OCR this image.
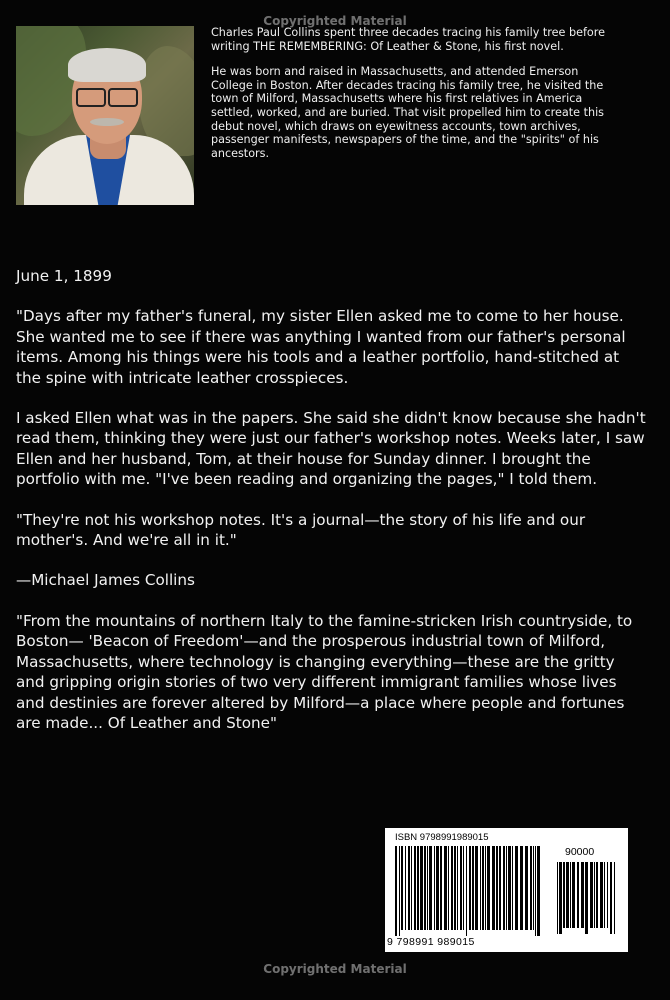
Copyrighted Material

Charles Paul Collins spent three decades tracing his family tree before writing THE REMEMBERING: Of Leather & Stone, his first novel.

He was born and raised in Massachusetts, and attended Emerson College in Boston. After decades tracing his family tree, he visited the town of Milford, Massachusetts where his first relatives in America settled, worked, and are buried. That visit propelled him to create this debut novel, which draws on eyewitness accounts, town archives, passenger manifests, newspapers of the time, and the "spirits" of his ancestors.

June 1, 1899

"Days after my father's funeral, my sister Ellen asked me to come to her house. She wanted me to see if there was anything I wanted from our father's personal items. Among his things were his tools and a leather portfolio, hand-stitched at the spine with intricate leather crosspieces.

I asked Ellen what was in the papers. She said she didn't know because she hadn't read them, thinking they were just our father's workshop notes. Weeks later, I saw Ellen and her husband, Tom, at their house for Sunday dinner. I brought the portfolio with me. "I've been reading and organizing the pages," I told them.

"They're not his workshop notes. It's a journal—the story of his life and our mother's. And we're all in it."

—Michael James Collins

"From the mountains of northern Italy to the famine-stricken Irish countryside, to Boston— 'Beacon of Freedom'—and the prosperous industrial town of Milford, Massachusetts, where technology is changing everything—these are the gritty and gripping origin stories of two very different immigrant families whose lives and destinies are forever altered by Milford—a place where people and fortunes are made... Of Leather and Stone"

ISBN 9798991989015
90000
9 798991 989015
Copyrighted Material
